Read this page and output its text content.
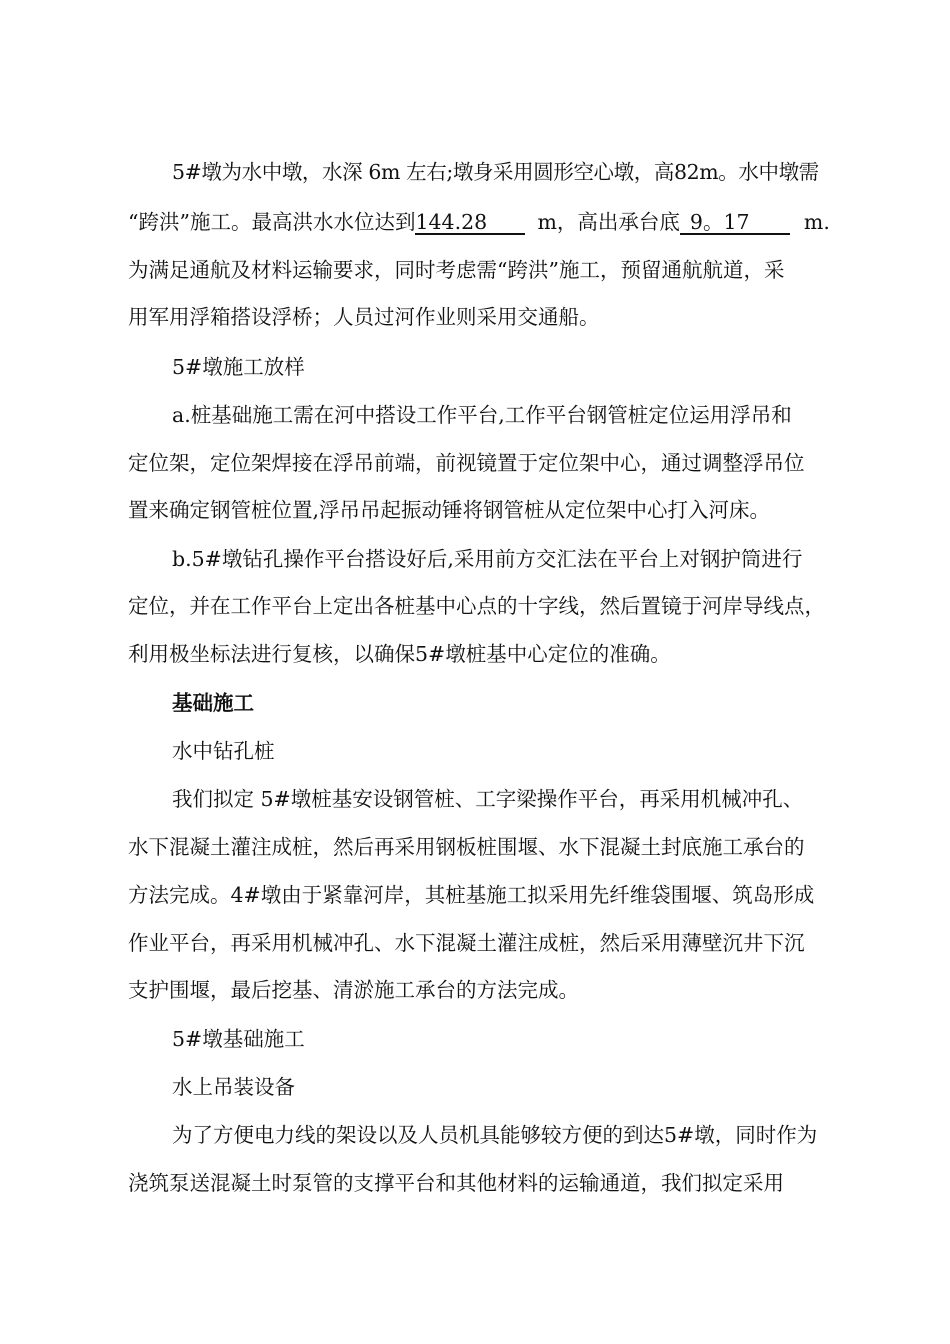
5#墩为水中墩，水深 6m 左右;墩身采用圆形空心墩，高82m。水中墩需
“跨洪”施工。最高洪水水位达到144.28 m，高出承台底 9。17	m.
为满足通航及材料运输要求，同时考虑需“跨洪”施工，预留通航航道，采
用军用浮箱搭设浮桥；人员过河作业则采用交通船。
5#墩施工放样
a.桩基础施工需在河中搭设工作平台,工作平台钢管桩定位运用浮吊和
定位架，定位架焊接在浮吊前端，前视镜置于定位架中心，通过调整浮吊位
置来确定钢管桩位置,浮吊吊起振动锤将钢管桩从定位架中心打入河床。
b.5#墩钻孔操作平台搭设好后,采用前方交汇法在平台上对钢护筒进行
定位，并在工作平台上定出各桩基中心点的十字线，然后置镜于河岸导线点，
利用极坐标法进行复核，以确保5#墩桩基中心定位的准确。
基础施工
水中钻孔桩
我们拟定 5#墩桩基安设钢管桩、工字梁操作平台，再采用机械冲孔、
水下混凝土灌注成桩，然后再采用钢板桩围堰、水下混凝土封底施工承台的
方法完成。4#墩由于紧靠河岸，其桩基施工拟采用先纤维袋围堰、筑岛形成
作业平台，再采用机械冲孔、水下混凝土灌注成桩，然后采用薄壁沉井下沉
支护围堰，最后挖基、清淤施工承台的方法完成。
5#墩基础施工
水上吊装设备
为了方便电力线的架设以及人员机具能够较方便的到达5#墩，同时作为
浇筑泵送混凝土时泵管的支撑平台和其他材料的运输通道，我们拟定采用
